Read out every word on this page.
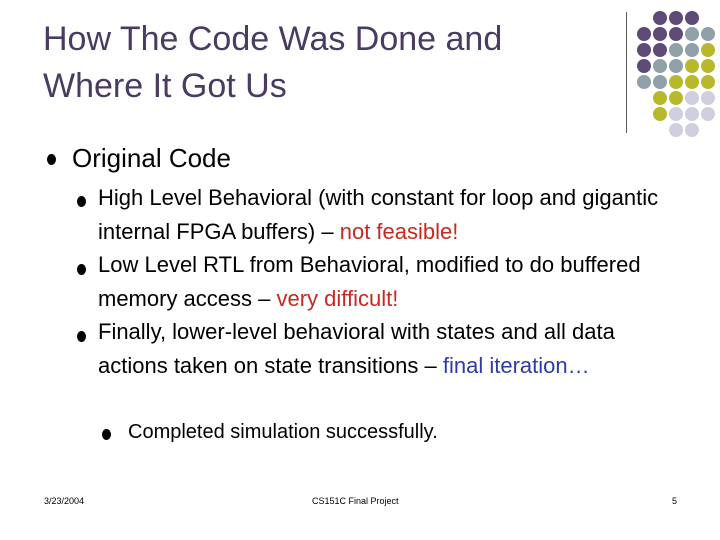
How The Code Was Done and
Where It Got Us
Original Code
High Level Behavioral (with constant for loop and gigantic internal FPGA buffers) – not feasible!
Low Level RTL from Behavioral, modified to do buffered memory access – very difficult!
Finally, lower-level behavioral with states and all data actions taken on state transitions – final iteration…
Completed simulation successfully.
3/23/2004	CS151C Final Project	5
